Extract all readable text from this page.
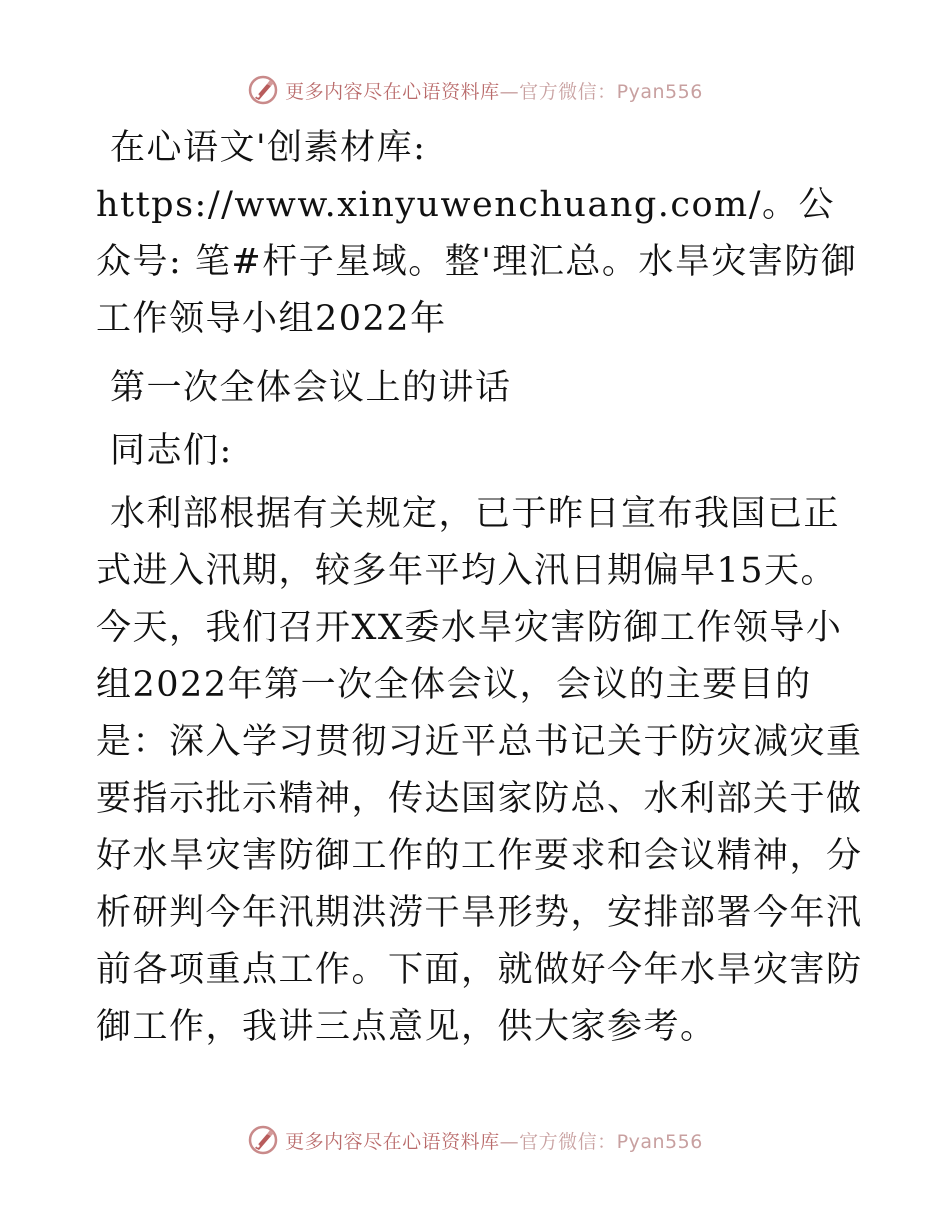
更多内容尽在心语资料库—官方微信：Pyan556

在心语文'创素材库: https://www.xinyuwenchuang.com/。公众号: 笔#杆子星域。整'理汇总。水旱灾害防御工作领导小组2022年

第一次全体会议上的讲话

同志们:

水利部根据有关规定，已于昨日宣布我国已正式进入汛期，较多年平均入汛日期偏早15天。今天，我们召开XX委水旱灾害防御工作领导小组2022年第一次全体会议，会议的主要目的是：深入学习贯彻习近平总书记关于防灾减灾重要指示批示精神，传达国家防总、水利部关于做好水旱灾害防御工作的工作要求和会议精神，分析研判今年汛期洪涝干旱形势，安排部署今年汛前各项重点工作。下面，就做好今年水旱灾害防御工作，我讲三点意见，供大家参考。

更多内容尽在心语资料库—官方微信：Pyan556
